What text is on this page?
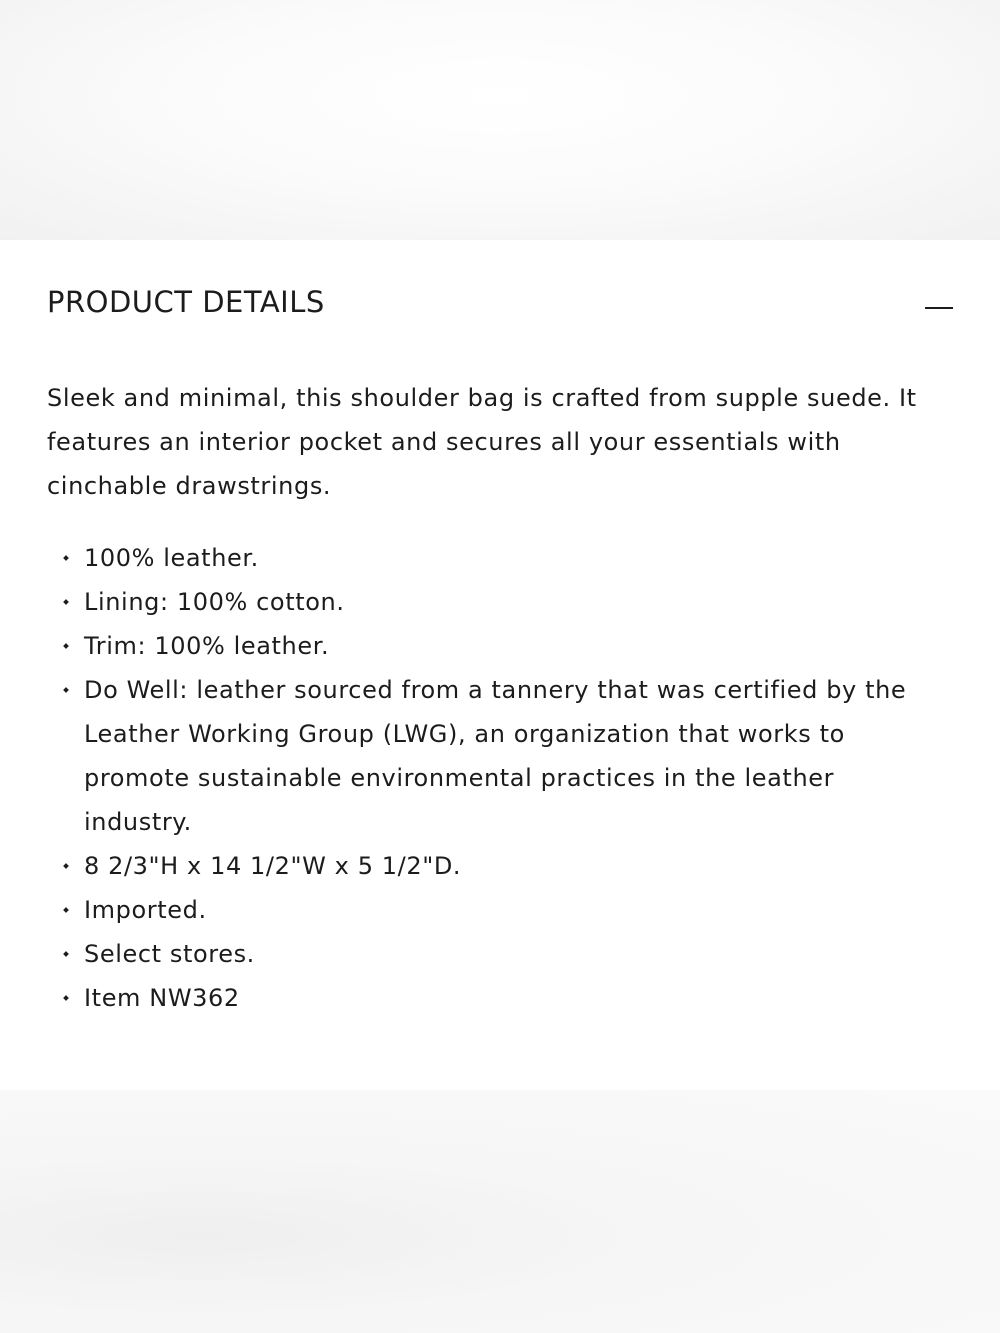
PRODUCT DETAILS

Sleek and minimal, this shoulder bag is crafted from supple suede. It features an interior pocket and secures all your essentials with cinchable drawstrings.

100% leather.
Lining: 100% cotton.
Trim: 100% leather.
Do Well: leather sourced from a tannery that was certified by the Leather Working Group (LWG), an organization that works to promote sustainable environmental practices in the leather industry.
8 2/3"H x 14 1/2"W x 5 1/2"D.
Imported.
Select stores.
Item NW362
